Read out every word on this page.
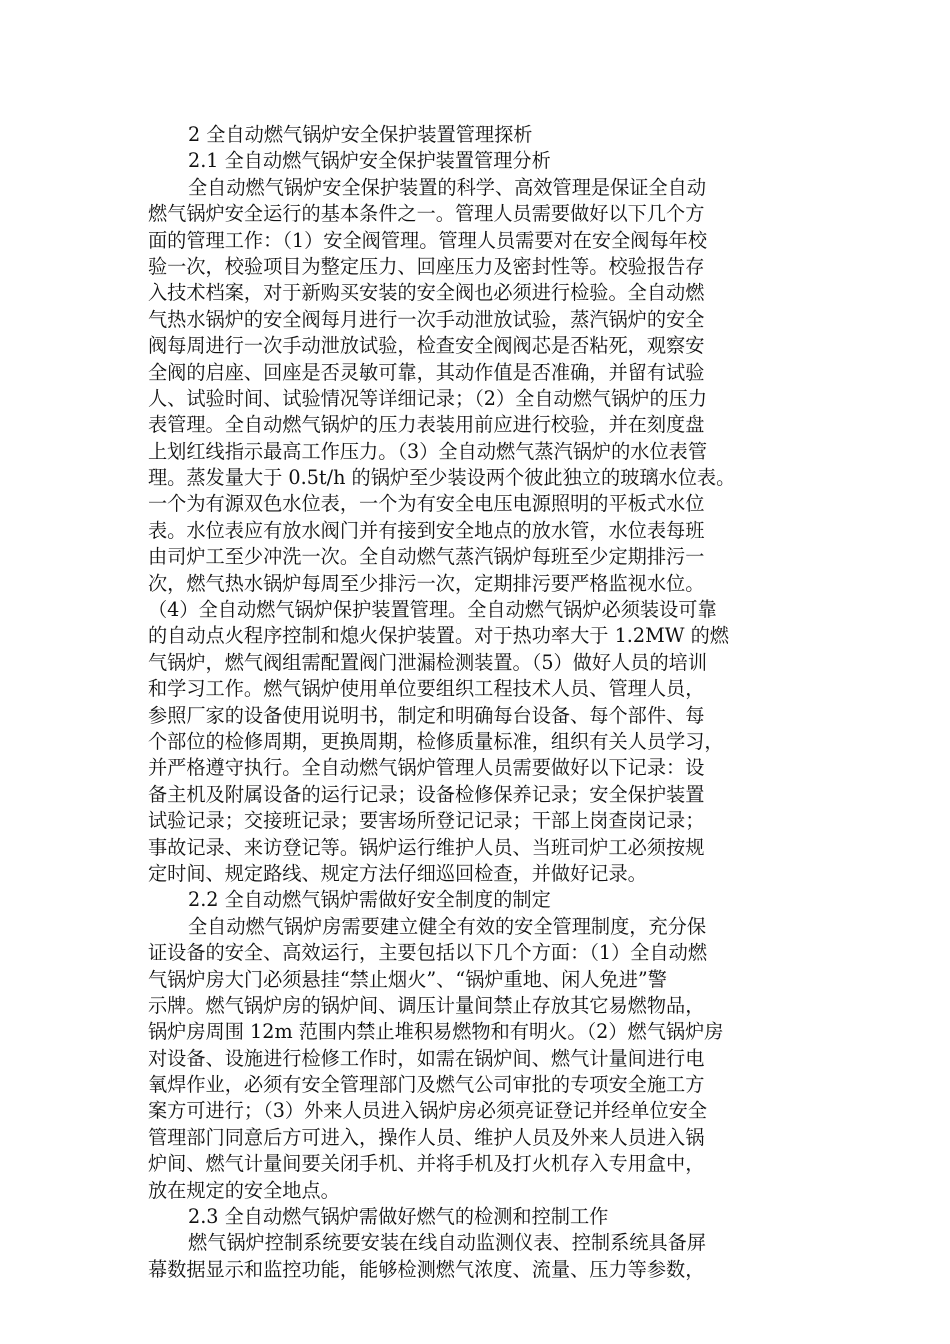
2 全自动燃气锅炉安全保护装置管理探析
2.1 全自动燃气锅炉安全保护装置管理分析
全自动燃气锅炉安全保护装置的科学、高效管理是保证全自动
燃气锅炉安全运行的基本条件之一。管理人员需要做好以下几个方
面的管理工作：（1）安全阀管理。管理人员需要对在安全阀每年校
验一次，校验项目为整定压力、回座压力及密封性等。校验报告存
入技术档案，对于新购买安装的安全阀也必须进行检验。全自动燃
气热水锅炉的安全阀每月进行一次手动泄放试验，蒸汽锅炉的安全
阀每周进行一次手动泄放试验，检查安全阀阀芯是否粘死，观察安
全阀的启座、回座是否灵敏可靠，其动作值是否准确，并留有试验
人、试验时间、试验情况等详细记录；（2）全自动燃气锅炉的压力
表管理。全自动燃气锅炉的压力表装用前应进行校验，并在刻度盘
上划红线指示最高工作压力。（3）全自动燃气蒸汽锅炉的水位表管
理。蒸发量大于 0.5t/h 的锅炉至少装设两个彼此独立的玻璃水位表。
一个为有源双色水位表，一个为有安全电压电源照明的平板式水位
表。水位表应有放水阀门并有接到安全地点的放水管，水位表每班
由司炉工至少冲洗一次。全自动燃气蒸汽锅炉每班至少定期排污一
次，燃气热水锅炉每周至少排污一次，定期排污要严格监视水位。
（4）全自动燃气锅炉保护装置管理。全自动燃气锅炉必须装设可靠
的自动点火程序控制和熄火保护装置。对于热功率大于 1.2MW 的燃
气锅炉，燃气阀组需配置阀门泄漏检测装置。（5）做好人员的培训
和学习工作。燃气锅炉使用单位要组织工程技术人员、管理人员，
参照厂家的设备使用说明书，制定和明确每台设备、每个部件、每
个部位的检修周期，更换周期，检修质量标准，组织有关人员学习，
并严格遵守执行。全自动燃气锅炉管理人员需要做好以下记录：设
备主机及附属设备的运行记录；设备检修保养记录；安全保护装置
试验记录；交接班记录；要害场所登记记录；干部上岗查岗记录；
事故记录、来访登记等。锅炉运行维护人员、当班司炉工必须按规
定时间、规定路线、规定方法仔细巡回检查，并做好记录。
2.2 全自动燃气锅炉需做好安全制度的制定
全自动燃气锅炉房需要建立健全有效的安全管理制度，充分保
证设备的安全、高效运行，主要包括以下几个方面：（1）全自动燃
气锅炉房大门必须悬挂“禁止烟火”、“锅炉重地、闲人免进”警
示牌。燃气锅炉房的锅炉间、调压计量间禁止存放其它易燃物品，
锅炉房周围 12m 范围内禁止堆积易燃物和有明火。（2）燃气锅炉房
对设备、设施进行检修工作时，如需在锅炉间、燃气计量间进行电
氧焊作业，必须有安全管理部门及燃气公司审批的专项安全施工方
案方可进行；（3）外来人员进入锅炉房必须亮证登记并经单位安全
管理部门同意后方可进入，操作人员、维护人员及外来人员进入锅
炉间、燃气计量间要关闭手机、并将手机及打火机存入专用盒中，
放在规定的安全地点。
2.3 全自动燃气锅炉需做好燃气的检测和控制工作
燃气锅炉控制系统要安装在线自动监测仪表、控制系统具备屏
幕数据显示和监控功能，能够检测燃气浓度、流量、压力等参数，
